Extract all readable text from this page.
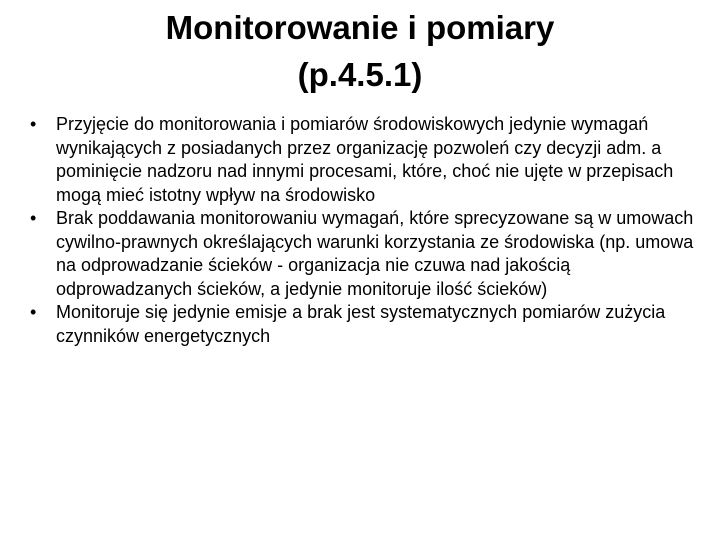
Monitorowanie i pomiary
(p.4.5.1)
•	Przyjęcie do monitorowania i pomiarów środowiskowych jedynie wymagań wynikających z posiadanych przez organizację pozwoleń czy decyzji adm. a pominięcie nadzoru nad innymi procesami, które, choć nie ujęte w przepisach mogą mieć istotny wpływ na środowisko
•	Brak poddawania monitorowaniu wymagań, które sprecyzowane są w umowach cywilno-prawnych określających warunki korzystania ze środowiska (np. umowa na odprowadzanie ścieków - organizacja nie czuwa nad jakością odprowadzanych ścieków, a jedynie monitoruje ilość ścieków)
•	Monitoruje się jedynie emisje a brak jest systematycznych pomiarów zużycia czynników energetycznych
